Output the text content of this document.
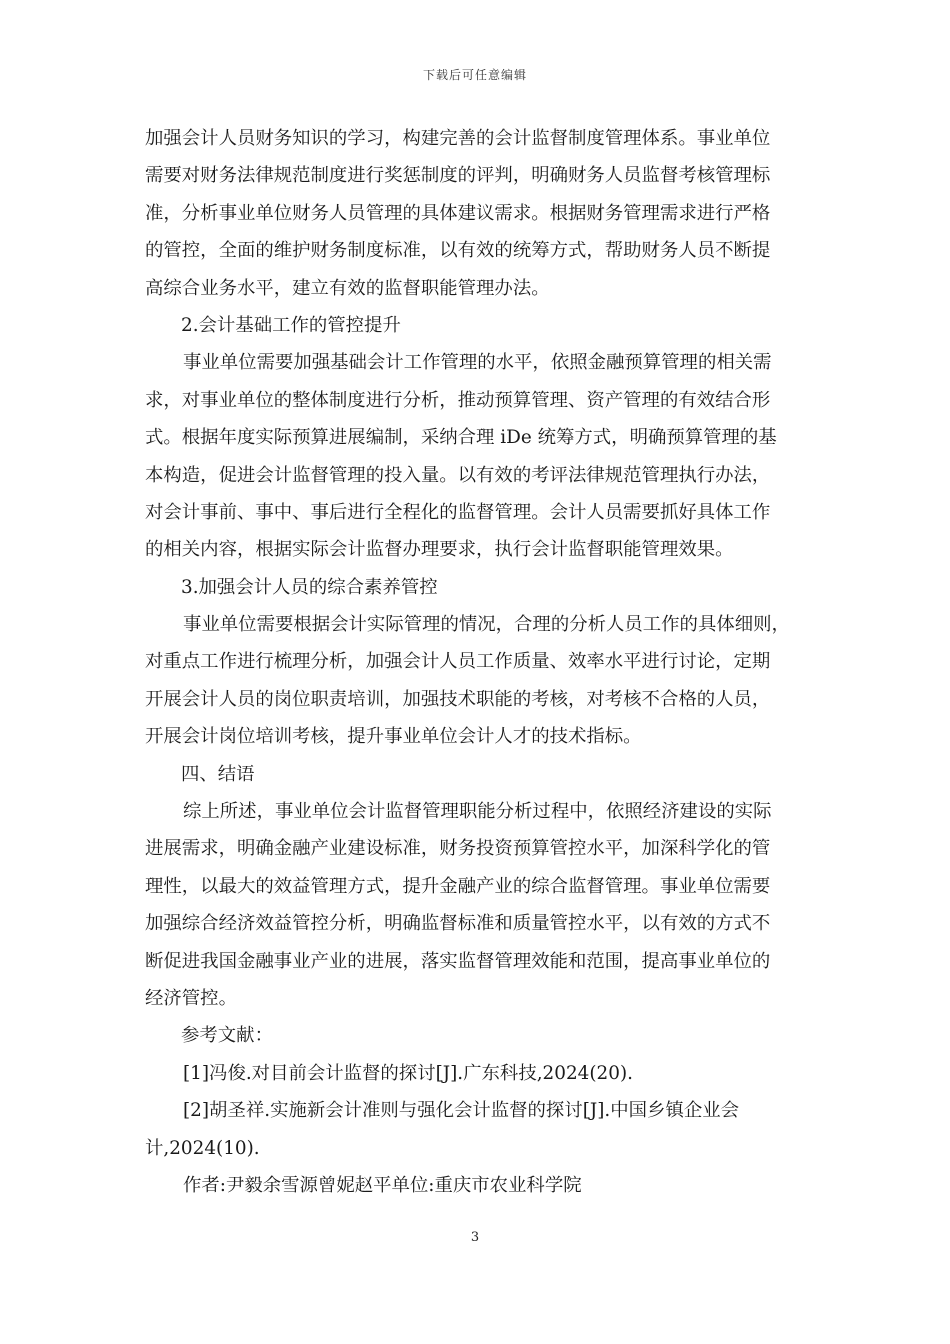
下载后可任意编辑
加强会计人员财务知识的学习，构建完善的会计监督制度管理体系。事业单位
需要对财务法律规范制度进行奖惩制度的评判，明确财务人员监督考核管理标
准，分析事业单位财务人员管理的具体建议需求。根据财务管理需求进行严格
的管控，全面的维护财务制度标准，以有效的统筹方式，帮助财务人员不断提
高综合业务水平，建立有效的监督职能管理办法。
2.会计基础工作的管控提升
事业单位需要加强基础会计工作管理的水平，依照金融预算管理的相关需
求，对事业单位的整体制度进行分析，推动预算管理、资产管理的有效结合形
式。根据年度实际预算进展编制，采纳合理 iDe 统筹方式，明确预算管理的基
本构造，促进会计监督管理的投入量。以有效的考评法律规范管理执行办法，
对会计事前、事中、事后进行全程化的监督管理。会计人员需要抓好具体工作
的相关内容，根据实际会计监督办理要求，执行会计监督职能管理效果。
3.加强会计人员的综合素养管控
事业单位需要根据会计实际管理的情况，合理的分析人员工作的具体细则，
对重点工作进行梳理分析，加强会计人员工作质量、效率水平进行讨论，定期
开展会计人员的岗位职责培训，加强技术职能的考核，对考核不合格的人员，
开展会计岗位培训考核，提升事业单位会计人才的技术指标。
四、结语
综上所述，事业单位会计监督管理职能分析过程中，依照经济建设的实际
进展需求，明确金融产业建设标准，财务投资预算管控水平，加深科学化的管
理性，以最大的效益管理方式，提升金融产业的综合监督管理。事业单位需要
加强综合经济效益管控分析，明确监督标准和质量管控水平，以有效的方式不
断促进我国金融事业产业的进展，落实监督管理效能和范围，提高事业单位的
经济管控。
参考文献：
[1]冯俊.对目前会计监督的探讨[J].广东科技,2024(20).
[2]胡圣祥.实施新会计准则与强化会计监督的探讨[J].中国乡镇企业会
计,2024(10).
作者:尹毅余雪源曾妮赵平单位:重庆市农业科学院
3
